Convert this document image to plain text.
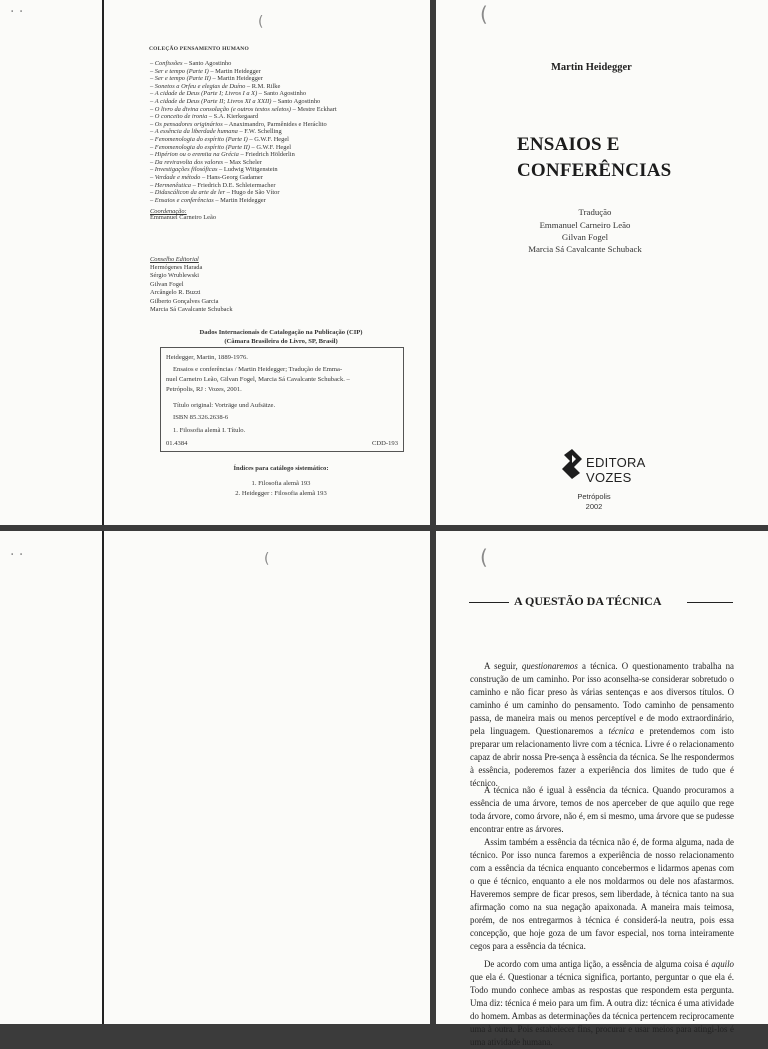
· ·
(
COLEÇÃO PENSAMENTO HUMANO
– Confissões – Santo Agostinho
– Ser e tempo (Parte I) – Martin Heidegger
– Ser e tempo (Parte II) – Martin Heidegger
– Sonetos a Orfeu e elegias de Duíno – R.M. Rilke
– A cidade de Deus (Parte I; Livros I a X) – Santo Agostinho
– A cidade de Deus (Parte II; Livros XI a XXII) – Santo Agostinho
– O livro da divina consolação (e outros textos seletos) – Mestre Eckhart
– O conceito de ironia – S.A. Kierkegaard
– Os pensadores originários – Anaximandro, Parmênides e Heráclito
– A essência da liberdade humana – F.W. Schelling
– Fenomenologia do espírito (Parte I) – G.W.F. Hegel
– Fenomenologia do espírito (Parte II) – G.W.F. Hegel
– Hipérion ou o eremita na Grécia – Friedrich Hölderlin
– Da reviravolta dos valores – Max Scheler
– Investigações filosóficas – Ludwig Wittgenstein
– Verdade e método – Hans-Georg Gadamer
– Hermenêutica – Friedrich D.E. Schleiermacher
– Didascálicon da arte de ler – Hugo de São Vítor
– Ensaios e conferências – Martin Heidegger
Coordenação:
Emmanuel Carneiro Leão
Conselho Editorial
Hermógenes Harada
Sérgio Wrublewski
Gilvan Fogel
Arcângelo R. Buzzi
Gilberto Gonçalves Garcia
Marcia Sá Cavalcante Schuback
Dados Internacionais de Catalogação na Publicação (CIP)
(Câmara Brasileira do Livro, SP, Brasil)
Heidegger, Martin, 1889-1976.
Ensaios e conferências / Martin Heidegger; Tradução de Emma-
nuel Carneiro Leão, Gilvan Fogel, Marcia Sá Cavalcante Schuback. –
Petrópolis, RJ : Vozes, 2001.
Título original: Vorträge und Aufsätze.
ISBN 85.326.2638-6
1. Filosofia alemã I. Título.
01.4384	CDD-193
Índices para catálogo sistemático:
1. Filosofia alemã 193
2. Heidegger : Filosofia alemã 193
(
Martin Heidegger
ENSAIOS E
CONFERÊNCIAS
Tradução
Emmanuel Carneiro Leão
Gilvan Fogel
Marcia Sá Cavalcante Schuback
EDITORA
VOZES
Petrópolis
2002
· ·	(	(
A QUESTÃO DA TÉCNICA

A seguir, questionaremos a técnica. O questionamento trabalha na construção de um caminho. Por isso aconselha-se considerar sobretudo o caminho e não ficar preso às várias sentenças e aos diversos títulos. O caminho é um caminho do pensamento. Todo caminho de pensamento passa, de maneira mais ou menos perceptível e de modo extraordinário, pela linguagem. Questionaremos a técnica e pretendemos com isto preparar um relacionamento livre com a técnica. Livre é o relacionamento capaz de abrir nossa Pre-sença à essência da técnica. Se lhe respondermos à essência, poderemos fazer a experiência dos limites de tudo que é técnico.

A técnica não é igual à essência da técnica. Quando procuramos a essência de uma árvore, temos de nos aperceber de que aquilo que rege toda árvore, como árvore, não é, em si mesmo, uma árvore que se pudesse encontrar entre as árvores.

Assim também a essência da técnica não é, de forma alguma, nada de técnico. Por isso nunca faremos a experiência de nosso relacionamento com a essência da técnica enquanto concebermos e lidarmos apenas com o que é técnico, enquanto a ele nos moldarmos ou dele nos afastarmos. Haveremos sempre de ficar presos, sem liberdade, à técnica tanto na sua afirmação como na sua negação apaixonada. A maneira mais teimosa, porém, de nos entregarmos à técnica é considerá-la neutra, pois essa concepção, que hoje goza de um favor especial, nos torna inteiramente cegos para a essência da técnica.

De acordo com uma antiga lição, a essência de alguma coisa é aquilo que ela é. Questionar a técnica significa, portanto, perguntar o que ela é. Todo mundo conhece ambas as respostas que respondem esta pergunta. Uma diz: técnica é meio para um fim. A outra diz: técnica é uma atividade do homem. Ambas as determinações da técnica pertencem reciprocamente uma à outra. Pois estabelecer fins, procurar e usar meios para atingi-los é uma atividade humana.
